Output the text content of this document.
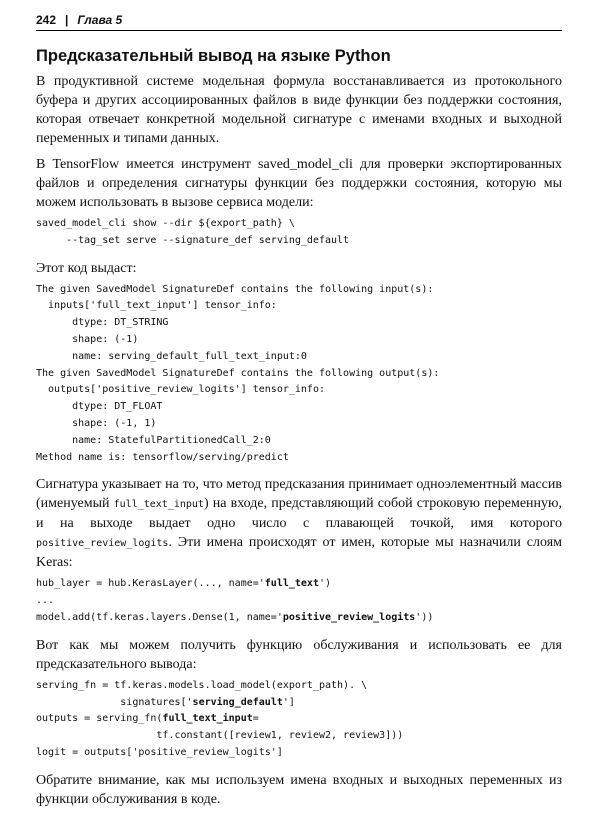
242 | Глава 5
Предсказательный вывод на языке Python

В продуктивной системе модельная формула восстанавливается из протокольного буфера и других ассоциированных файлов в виде функции без поддержки состояния, которая отвечает конкретной модельной сигнатуре с именами входных и выходной переменных и типами данных.

В TensorFlow имеется инструмент saved_model_cli для проверки экспортированных файлов и определения сигнатуры функции без поддержки состояния, которую мы можем использовать в вызове сервиса модели:

saved_model_cli show --dir ${export_path} \
--tag_set serve --signature_def serving_default

Этот код выдаст:

The given SavedModel SignatureDef contains the following input(s):
inputs['full_text_input'] tensor_info:
dtype: DT_STRING
shape: (-1)
name: serving_default_full_text_input:0
The given SavedModel SignatureDef contains the following output(s):
outputs['positive_review_logits'] tensor_info:
dtype: DT_FLOAT
shape: (-1, 1)
name: StatefulPartitionedCall_2:0
Method name is: tensorflow/serving/predict

Сигнатура указывает на то, что метод предсказания принимает одноэлементный массив (именуемый full_text_input) на входе, представляющий собой строковую переменную, и на выходе выдает одно число с плавающей точкой, имя которого positive_review_logits. Эти имена происходят от имен, которые мы назначили слоям Keras:

hub_layer = hub.KerasLayer(..., name='full_text')
...
model.add(tf.keras.layers.Dense(1, name='positive_review_logits'))

Вот как мы можем получить функцию обслуживания и использовать ее для предсказательного вывода:

serving_fn = tf.keras.models.load_model(export_path). \
signatures['serving_default']
outputs = serving_fn(full_text_input=
tf.constant([review1, review2, review3]))
logit = outputs['positive_review_logits']

Обратите внимание, как мы используем имена входных и выходных переменных из функции обслуживания в коде.
